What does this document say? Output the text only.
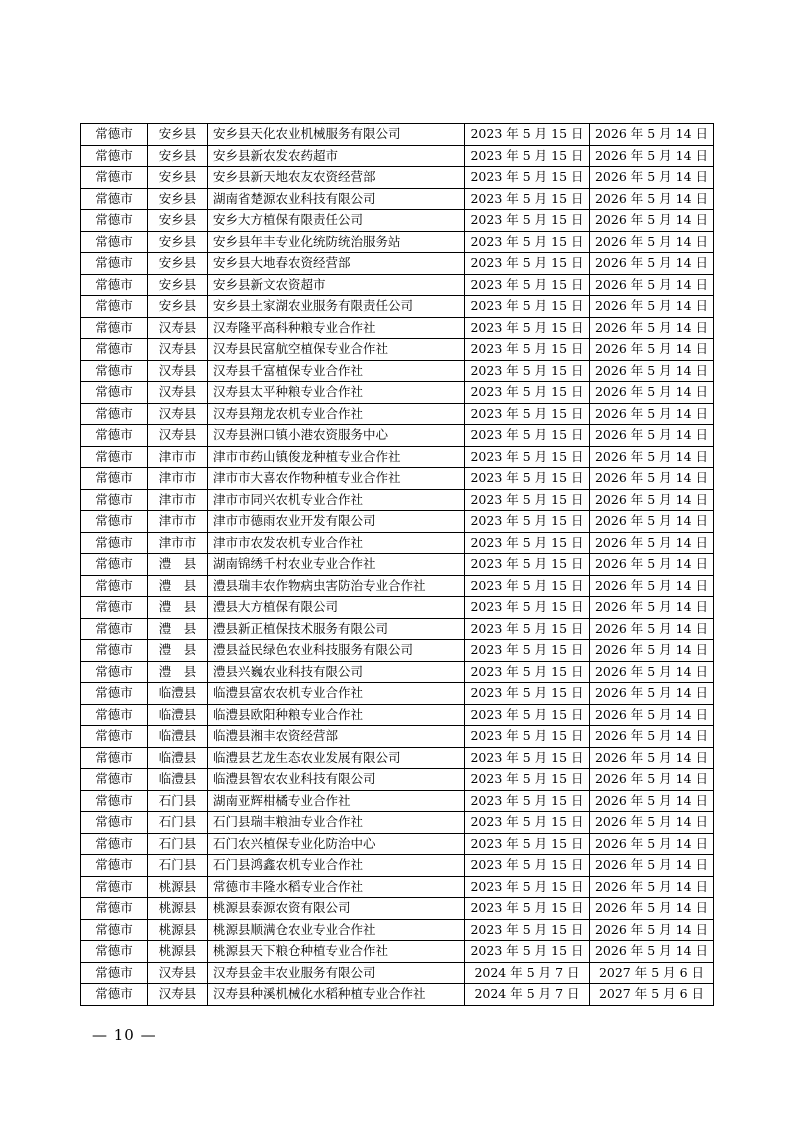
常德市	安乡县	安乡县天化农业机械服务有限公司	2023 年 5 月 15 日	2026 年 5 月 14 日
常德市	安乡县	安乡县新农发农药超市	2023 年 5 月 15 日	2026 年 5 月 14 日
常德市	安乡县	安乡县新天地农友农资经营部	2023 年 5 月 15 日	2026 年 5 月 14 日
常德市	安乡县	湖南省楚源农业科技有限公司	2023 年 5 月 15 日	2026 年 5 月 14 日
常德市	安乡县	安乡大方植保有限责任公司	2023 年 5 月 15 日	2026 年 5 月 14 日
常德市	安乡县	安乡县年丰专业化统防统治服务站	2023 年 5 月 15 日	2026 年 5 月 14 日
常德市	安乡县	安乡县大地春农资经营部	2023 年 5 月 15 日	2026 年 5 月 14 日
常德市	安乡县	安乡县新文农资超市	2023 年 5 月 15 日	2026 年 5 月 14 日
常德市	安乡县	安乡县土家湖农业服务有限责任公司	2023 年 5 月 15 日	2026 年 5 月 14 日
常德市	汉寿县	汉寿隆平高科种粮专业合作社	2023 年 5 月 15 日	2026 年 5 月 14 日
常德市	汉寿县	汉寿县民富航空植保专业合作社	2023 年 5 月 15 日	2026 年 5 月 14 日
常德市	汉寿县	汉寿县千富植保专业合作社	2023 年 5 月 15 日	2026 年 5 月 14 日
常德市	汉寿县	汉寿县太平种粮专业合作社	2023 年 5 月 15 日	2026 年 5 月 14 日
常德市	汉寿县	汉寿县翔龙农机专业合作社	2023 年 5 月 15 日	2026 年 5 月 14 日
常德市	汉寿县	汉寿县洲口镇小港农资服务中心	2023 年 5 月 15 日	2026 年 5 月 14 日
常德市	津市市	津市市药山镇俊龙种植专业合作社	2023 年 5 月 15 日	2026 年 5 月 14 日
常德市	津市市	津市市大喜农作物种植专业合作社	2023 年 5 月 15 日	2026 年 5 月 14 日
常德市	津市市	津市市同兴农机专业合作社	2023 年 5 月 15 日	2026 年 5 月 14 日
常德市	津市市	津市市德雨农业开发有限公司	2023 年 5 月 15 日	2026 年 5 月 14 日
常德市	津市市	津市市农发农机专业合作社	2023 年 5 月 15 日	2026 年 5 月 14 日
常德市	澧　县	湖南锦绣千村农业专业合作社	2023 年 5 月 15 日	2026 年 5 月 14 日
常德市	澧　县	澧县瑞丰农作物病虫害防治专业合作社	2023 年 5 月 15 日	2026 年 5 月 14 日
常德市	澧　县	澧县大方植保有限公司	2023 年 5 月 15 日	2026 年 5 月 14 日
常德市	澧　县	澧县新正植保技术服务有限公司	2023 年 5 月 15 日	2026 年 5 月 14 日
常德市	澧　县	澧县益民绿色农业科技服务有限公司	2023 年 5 月 15 日	2026 年 5 月 14 日
常德市	澧　县	澧县兴巍农业科技有限公司	2023 年 5 月 15 日	2026 年 5 月 14 日
常德市	临澧县	临澧县富农农机专业合作社	2023 年 5 月 15 日	2026 年 5 月 14 日
常德市	临澧县	临澧县欧阳种粮专业合作社	2023 年 5 月 15 日	2026 年 5 月 14 日
常德市	临澧县	临澧县湘丰农资经营部	2023 年 5 月 15 日	2026 年 5 月 14 日
常德市	临澧县	临澧县艺龙生态农业发展有限公司	2023 年 5 月 15 日	2026 年 5 月 14 日
常德市	临澧县	临澧县智农农业科技有限公司	2023 年 5 月 15 日	2026 年 5 月 14 日
常德市	石门县	湖南亚辉柑橘专业合作社	2023 年 5 月 15 日	2026 年 5 月 14 日
常德市	石门县	石门县瑞丰粮油专业合作社	2023 年 5 月 15 日	2026 年 5 月 14 日
常德市	石门县	石门农兴植保专业化防治中心	2023 年 5 月 15 日	2026 年 5 月 14 日
常德市	石门县	石门县鸿鑫农机专业合作社	2023 年 5 月 15 日	2026 年 5 月 14 日
常德市	桃源县	常德市丰隆水稻专业合作社	2023 年 5 月 15 日	2026 年 5 月 14 日
常德市	桃源县	桃源县泰源农资有限公司	2023 年 5 月 15 日	2026 年 5 月 14 日
常德市	桃源县	桃源县顺满仓农业专业合作社	2023 年 5 月 15 日	2026 年 5 月 14 日
常德市	桃源县	桃源县天下粮仓种植专业合作社	2023 年 5 月 15 日	2026 年 5 月 14 日
常德市	汉寿县	汉寿县金丰农业服务有限公司	2024 年 5 月 7 日	2027 年 5 月 6 日
常德市	汉寿县	汉寿县种溪机械化水稻种植专业合作社	2024 年 5 月 7 日	2027 年 5 月 6 日
— 10 —
